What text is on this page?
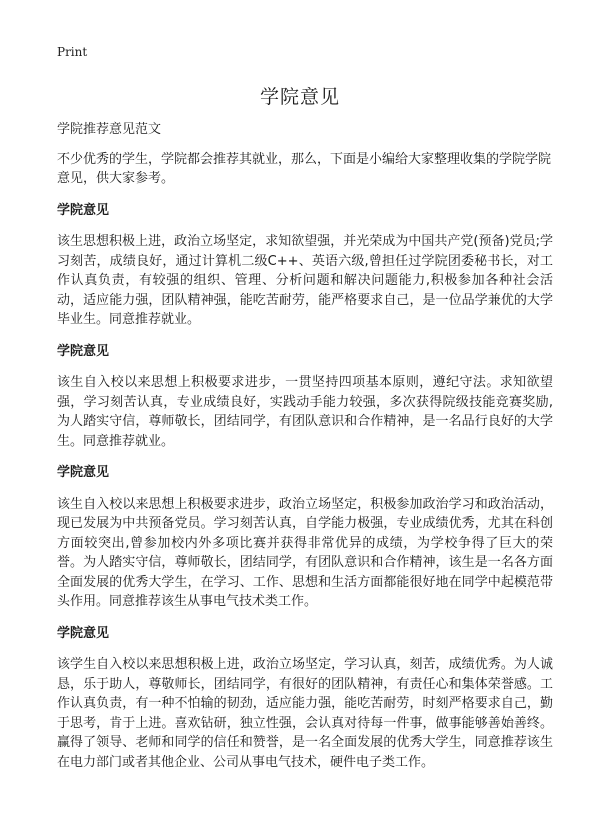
Print
学院意见

学院推荐意见范文

不少优秀的学生，学院都会推荐其就业，那么，下面是小编给大家整理收集的学院学院意见，供大家参考。

学院意见

该生思想积极上进，政治立场坚定，求知欲望强，并光荣成为中国共产党(预备)党员;学习刻苦，成绩良好，通过计算机二级C++、英语六级,曾担任过学院团委秘书长，对工作认真负责，有较强的组织、管理、分析问题和解决问题能力,积极参加各种社会活动，适应能力强，团队精神强，能吃苦耐劳，能严格要求自己，是一位品学兼优的大学毕业生。同意推荐就业。

学院意见

该生自入校以来思想上积极要求进步，一贯坚持四项基本原则，遵纪守法。求知欲望强，学习刻苦认真，专业成绩良好，实践动手能力较强，多次获得院级技能竞赛奖励,为人踏实守信，尊师敬长，团结同学，有团队意识和合作精神，是一名品行良好的大学生。同意推荐就业。

学院意见

该生自入校以来思想上积极要求进步，政治立场坚定，积极参加政治学习和政治活动，现已发展为中共预备党员。学习刻苦认真，自学能力极强，专业成绩优秀，尤其在科创方面较突出,曾参加校内外多项比赛并获得非常优异的成绩，为学校争得了巨大的荣誉。为人踏实守信，尊师敬长，团结同学，有团队意识和合作精神，该生是一名各方面全面发展的优秀大学生，在学习、工作、思想和生活方面都能很好地在同学中起模范带头作用。同意推荐该生从事电气技术类工作。

学院意见

该学生自入校以来思想积极上进，政治立场坚定，学习认真，刻苦，成绩优秀。为人诚恳，乐于助人，尊敬师长，团结同学，有很好的团队精神，有责任心和集体荣誉感。工作认真负责，有一种不怕输的韧劲，适应能力强，能吃苦耐劳，时刻严格要求自己，勤于思考，肯于上进。喜欢钻研，独立性强，会认真对待每一件事，做事能够善始善终。赢得了领导、老师和同学的信任和赞誉，是一名全面发展的优秀大学生，同意推荐该生在电力部门或者其他企业、公司从事电气技术，硬件电子类工作。
